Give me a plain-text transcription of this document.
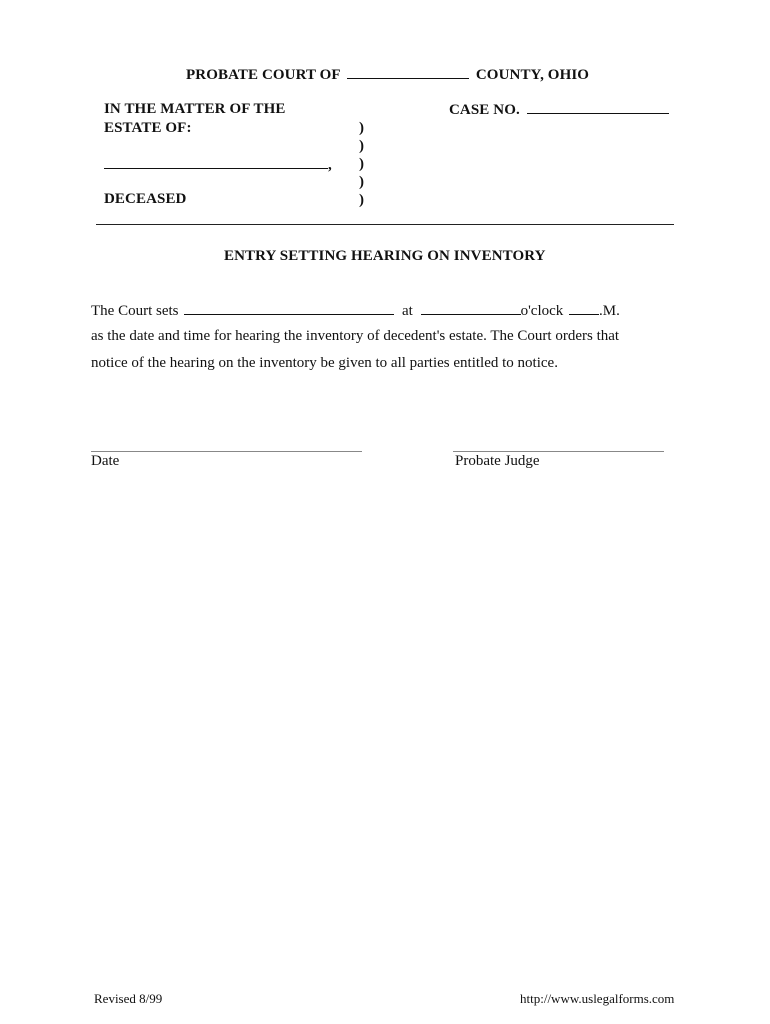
PROBATE COURT OF	COUNTY, OHIO
IN THE MATTER OF THE
ESTATE OF:
,
DECEASED
)
)
)
)
)
CASE NO.
ENTRY SETTING HEARING ON INVENTORY
The Court sets	at	o'clock .M.
as the date and time for hearing the inventory of decedent's estate. The Court orders that
notice of the hearing on the inventory be given to all parties entitled to notice.
Date	Probate Judge
Revised 8/99	http://www.uslegalforms.com
